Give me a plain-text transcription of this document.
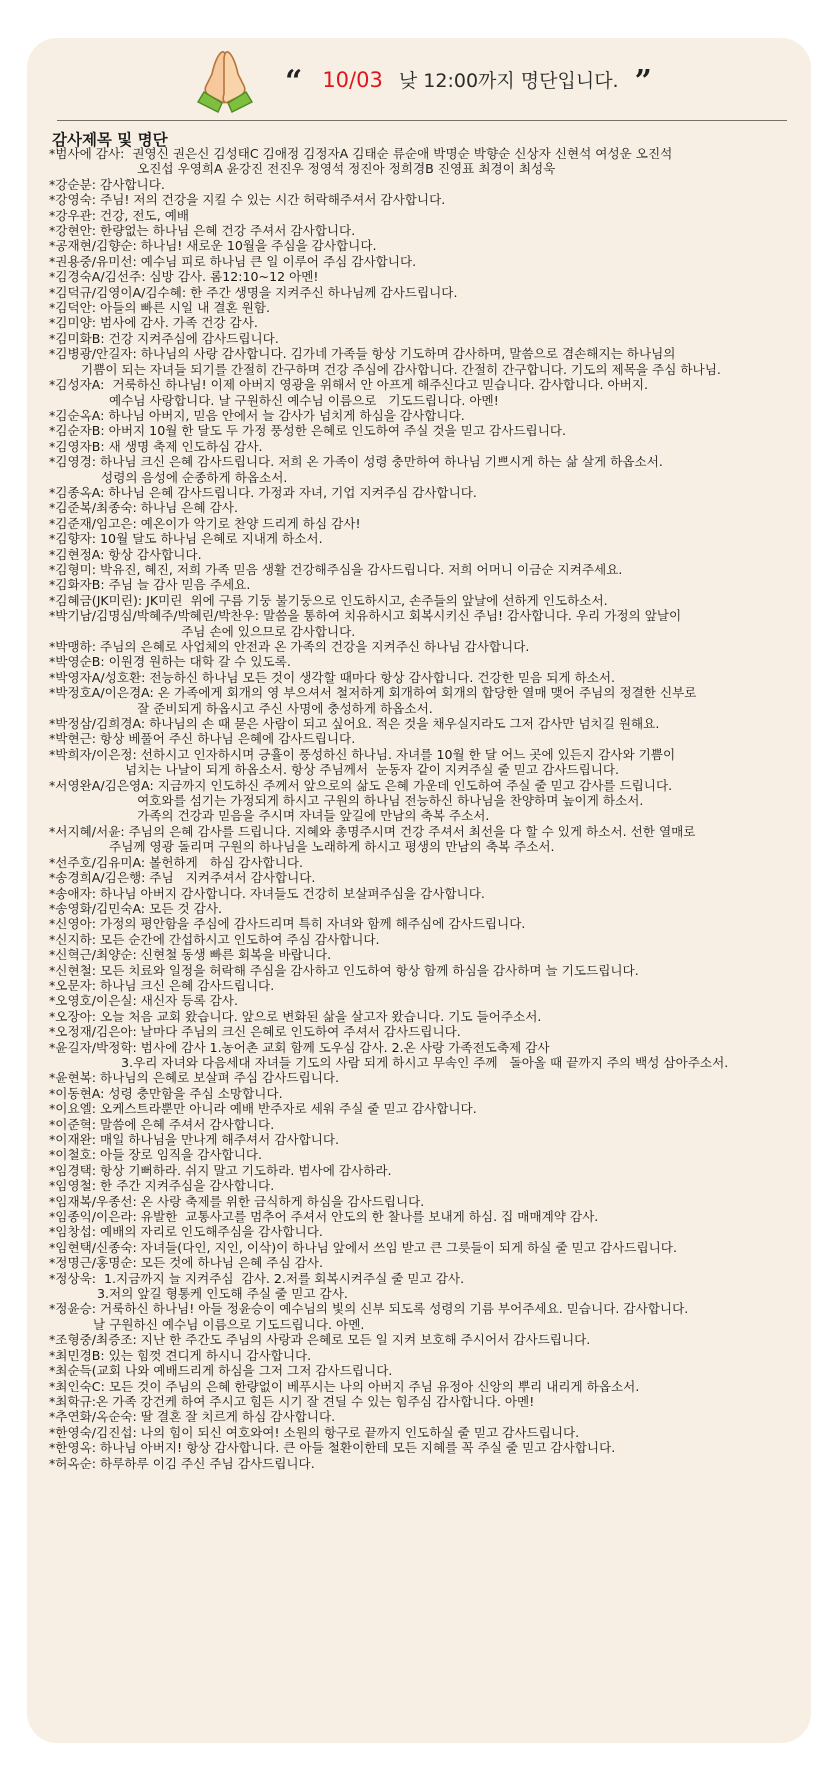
“ 10/03 낮 12:00까지 명단입니다. ”
감사제목 및 명단
*범사에 감사:  권영신 권은신 김성태C 김애정 김정자A 김태순 류순애 박명순 박향순 신상자 신현석 여성운 오진석
오진섭 우영희A 윤강진 전진우 정영석 정진아 정희경B 진영표 최경이 최성욱
*강순분: 감사합니다.
*강영숙: 주님! 저의 건강을 지킬 수 있는 시간 허락해주셔서 감사합니다.
*강우관: 건강, 전도, 예배
*강현안: 한량없는 하나님 은혜 건강 주셔서 감사합니다.
*공재현/김향순: 하나님! 새로운 10월을 주심을 감사합니다.
*권용중/유미선: 예수님 피로 하나님 큰 일 이루어 주심 감사합니다.
*김경숙A/김선주: 심방 감사. 롬12:10~12 아멘!
*김덕규/김영이A/김수혜: 한 주간 생명을 지켜주신 하나님께 감사드립니다.
*김덕안: 아들의 빠른 시일 내 결혼 원함.
*김미양: 범사에 감사. 가족 건강 감사.
*김미화B: 건강 지켜주심에 감사드립니다.
*김병광/안길자: 하나님의 사랑 감사합니다. 김가네 가족들 항상 기도하며 감사하며, 말씀으로 겸손해지는 하나님의
기쁨이 되는 자녀들 되기를 간절히 간구하며 건강 주심에 감사합니다. 간절히 간구합니다. 기도의 제목을 주심 하나님.
*김성자A:  거룩하신 하나님! 이제 아버지 영광을 위해서 안 아프게 해주신다고 믿습니다. 감사합니다. 아버지.
예수님 사랑합니다. 날 구원하신 예수님 이름으로   기도드립니다. 아멘!
*김순옥A: 하나님 아버지, 믿음 안에서 늘 감사가 넘치게 하심을 감사합니다.
*김순자B: 아버지 10월 한 달도 두 가정 풍성한 은혜로 인도하여 주실 것을 믿고 감사드립니다.
*김영자B: 새 생명 축제 인도하심 감사.
*김영경: 하나님 크신 은혜 감사드립니다. 저희 온 가족이 성령 충만하여 하나님 기쁘시게 하는 삶 살게 하옵소서.
성령의 음성에 순종하게 하옵소서.
*김종옥A: 하나님 은혜 감사드립니다. 가정과 자녀, 기업 지켜주심 감사합니다.
*김준복/최종숙: 하나님 은혜 감사.
*김준재/임고은: 예온이가 악기로 찬양 드리게 하심 감사!
*김향자: 10월 달도 하나님 은혜로 지내게 하소서.
*김현정A: 항상 감사합니다.
*김형미: 박유진, 혜진, 저희 가족 믿음 생활 건강해주심을 감사드립니다. 저희 어머니 이금순 지켜주세요.
*김화자B: 주님 늘 감사 믿음 주세요.
*김혜금(JK미린): JK미린  위에 구름 기둥 불기둥으로 인도하시고, 손주들의 앞날에 선하게 인도하소서.
*박기남/김명심/박혜주/박혜린/박찬우: 말씀을 통하여 치유하시고 회복시키신 주님! 감사합니다. 우리 가정의 앞날이
주님 손에 있으므로 감사합니다.
*박맹하: 주님의 은혜로 사업체의 안전과 온 가족의 건강을 지켜주신 하나님 감사합니다.
*박영순B: 이원경 원하는 대학 갈 수 있도록.
*박영자A/성호환: 전능하신 하나님 모든 것이 생각할 때마다 항상 감사합니다. 건강한 믿음 되게 하소서.
*박정호A/이은경A: 온 가족에게 회개의 영 부으셔서 철저하게 회개하여 회개의 합당한 열매 맺어 주님의 정결한 신부로
잘 준비되게 하옵시고 주신 사명에 충성하게 하옵소서.
*박정삼/김희경A: 하나님의 손 때 묻은 사람이 되고 싶어요. 적은 것을 채우실지라도 그저 감사만 넘치길 원해요.
*박현근: 항상 베풀어 주신 하나님 은혜에 감사드립니다.
*박희자/이은정: 선하시고 인자하시며 긍휼이 풍성하신 하나님. 자녀를 10월 한 달 어느 곳에 있든지 감사와 기쁨이
넘치는 나날이 되게 하옵소서. 항상 주님께서  눈동자 같이 지켜주실 줄 믿고 감사드립니다.
*서영완A/김은영A: 지금까지 인도하신 주께서 앞으로의 삶도 은혜 가운데 인도하여 주실 줄 믿고 감사를 드립니다.
여호와를 섬기는 가정되게 하시고 구원의 하나님 전능하신 하나님을 찬양하며 높이게 하소서.
가족의 건강과 믿음을 주시며 자녀들 앞길에 만남의 축복 주소서.
*서지혜/서윤: 주님의 은혜 감사를 드립니다. 지혜와 총명주시며 건강 주셔서 최선을 다 할 수 있게 하소서. 선한 열매로
주님께 영광 돌리며 구원의 하나님을 노래하게 하시고 평생의 만남의 축복 주소서.
*선주호/김유미A: 볼헌하게   하심 감사합니다.
*송경희A/김은행: 주님   지켜주셔서 감사합니다.
*송애자: 하나님 아버지 감사합니다. 자녀들도 건강히 보살펴주심을 감사합니다.
*송영화/김민숙A: 모든 것 감사.
*신영아: 가정의 평안함을 주심에 감사드리며 특히 자녀와 함께 해주심에 감사드립니다.
*신지하: 모든 순간에 간섭하시고 인도하여 주심 감사합니다.
*신혁근/최양순: 신현철 동생 빠른 회복을 바랍니다.
*신현철: 모든 치료와 일정을 허락해 주심을 감사하고 인도하여 항상 함께 하심을 감사하며 늘 기도드립니다.
*오문자: 하나님 크신 은혜 감사드립니다.
*오영호/이은실: 새신자 등록 감사.
*오장아: 오늘 처음 교회 왔습니다. 앞으로 변화된 삶을 살고자 왔습니다. 기도 들어주소서.
*오정재/김은아: 날마다 주님의 크신 은혜로 인도하여 주셔서 감사드립니다.
*윤길자/박정학: 범사에 감사 1.농어촌 교회 함께 도우심 감사. 2.온 사랑 가족전도축제 감사
3.우리 자녀와 다음세대 자녀들 기도의 사람 되게 하시고 무속인 주께   돌아올 때 끝까지 주의 백성 삼아주소서.
*윤현복: 하나님의 은혜로 보살펴 주심 감사드립니다.
*이동현A: 성령 충만함을 주심 소망합니다.
*이요엘: 오케스트라뿐만 아니라 예배 반주자로 세워 주실 줄 믿고 감사합니다.
*이준혁: 말씀에 은혜 주셔서 감사합니다.
*이재완: 매일 하나님을 만나게 해주셔서 감사합니다.
*이철호: 아들 장로 임직을 감사합니다.
*임경택: 항상 기뻐하라. 쉬지 말고 기도하라. 범사에 감사하라.
*임영철: 한 주간 지켜주심을 감사합니다.
*임재복/우종선: 온 사랑 축제를 위한 금식하게 하심을 감사드립니다.
*임종익/이은라: 유발한  교통사고를 멈추어 주셔서 안도의 한 찰나를 보내게 하심. 집 매매계약 감사.
*임창섭: 예배의 자리로 인도해주심을 감사합니다.
*임현택/신종숙: 자녀들(다인, 지인, 이삭)이 하나님 앞에서 쓰임 받고 큰 그릇들이 되게 하실 줄 믿고 감사드립니다.
*정명근/홍명순: 모든 것에 하나님 은혜 주심 감사.
*정상욱:  1.지금까지 늘 지켜주심  감사. 2.저를 회복시켜주실 줄 믿고 감사.
3.저의 앞길 형통케 인도해 주실 줄 믿고 감사.
*정윤승: 거룩하신 하나님! 아들 정윤승이 예수님의 빛의 신부 되도록 성령의 기름 부어주세요. 믿습니다. 감사합니다.
날 구원하신 예수님 이름으로 기도드립니다. 아멘.
*조형중/최증조: 지난 한 주간도 주님의 사랑과 은혜로 모든 일 지켜 보호해 주시어서 감사드립니다.
*최민경B: 있는 힘껏 견디게 하시니 감사합니다.
*최순득(교회 나와 예배드리게 하심을 그저 그저 감사드립니다.
*최인숙C: 모든 것이 주님의 은혜 한량없이 베푸시는 나의 아버지 주님 유정아 신앙의 뿌리 내리게 하옵소서.
*최학규:온 가족 강건케 하여 주시고 힘든 시기 잘 견딜 수 있는 힘주심 감사합니다. 아멘!
*추연화/옥순숙: 딸 결혼 잘 치르게 하심 감사합니다.
*한영숙/김진섭: 나의 힘이 되신 여호와여! 소원의 항구로 끝까지 인도하실 줄 믿고 감사드립니다.
*한영옥: 하나님 아버지! 항상 감사합니다. 큰 아들 철환이한테 모든 지혜를 꼭 주실 줄 믿고 감사합니다.
*허옥순: 하루하루 이김 주신 주님 감사드립니다.
